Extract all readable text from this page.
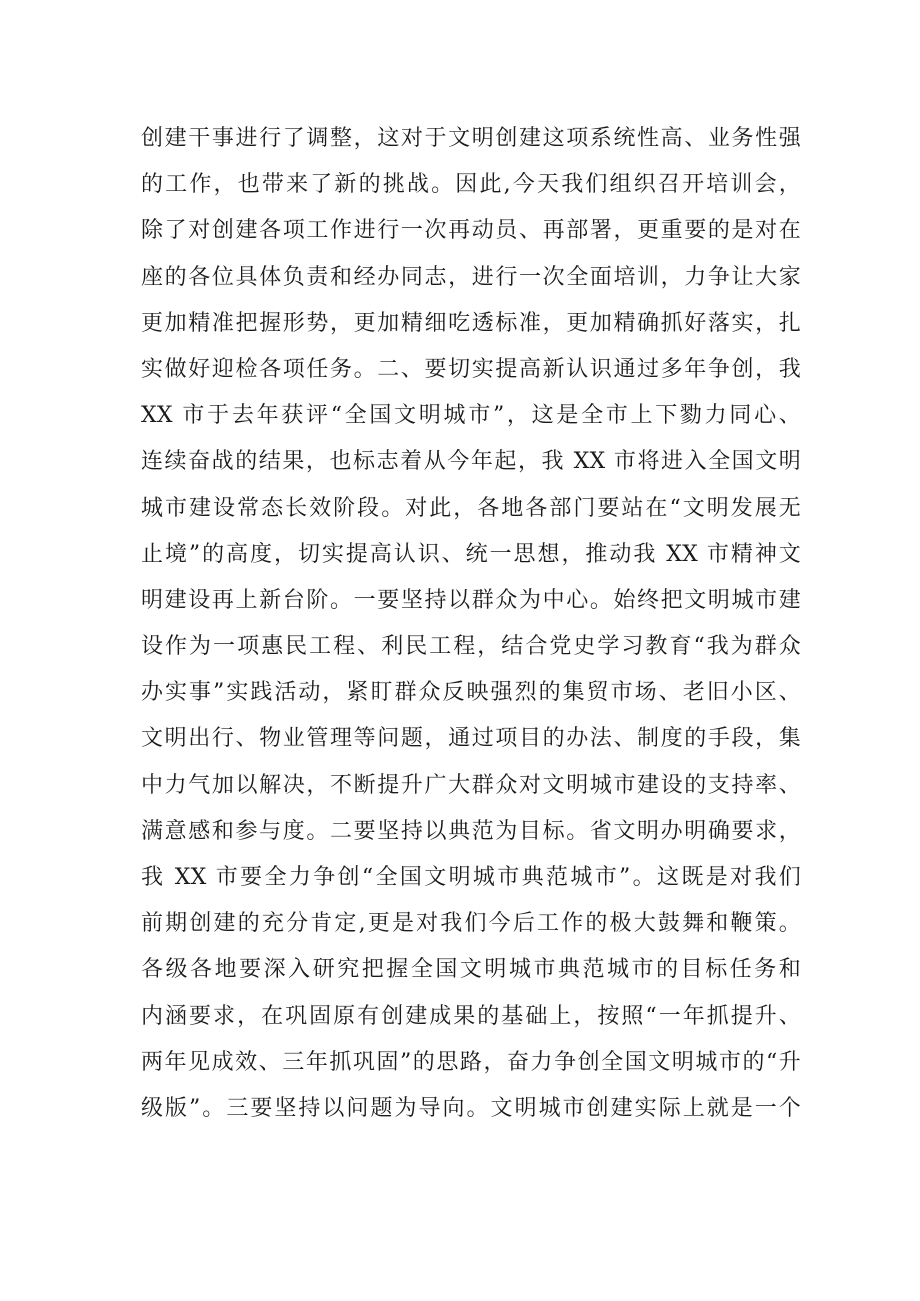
创建干事进行了调整，这对于文明创建这项系统性高、业务性强
的工作，也带来了新的挑战。因此,今天我们组织召开培训会，
除了对创建各项工作进行一次再动员、再部署，更重要的是对在
座的各位具体负责和经办同志，进行一次全面培训，力争让大家
更加精准把握形势，更加精细吃透标准，更加精确抓好落实，扎
实做好迎检各项任务。二、要切实提高新认识通过多年争创，我
XX 市于去年获评“全国文明城市”，这是全市上下勠力同心、
连续奋战的结果，也标志着从今年起，我 XX 市将进入全国文明
城市建设常态长效阶段。对此，各地各部门要站在“文明发展无
止境”的高度，切实提高认识、统一思想，推动我 XX 市精神文
明建设再上新台阶。一要坚持以群众为中心。始终把文明城市建
设作为一项惠民工程、利民工程，结合党史学习教育“我为群众
办实事”实践活动，紧盯群众反映强烈的集贸市场、老旧小区、
文明出行、物业管理等问题，通过项目的办法、制度的手段，集
中力气加以解决，不断提升广大群众对文明城市建设的支持率、
满意感和参与度。二要坚持以典范为目标。省文明办明确要求，
我 XX 市要全力争创“全国文明城市典范城市”。这既是对我们
前期创建的充分肯定,更是对我们今后工作的极大鼓舞和鞭策。
各级各地要深入研究把握全国文明城市典范城市的目标任务和
内涵要求，在巩固原有创建成果的基础上，按照“一年抓提升、
两年见成效、三年抓巩固”的思路，奋力争创全国文明城市的“升
级版”。三要坚持以问题为导向。文明城市创建实际上就是一个
